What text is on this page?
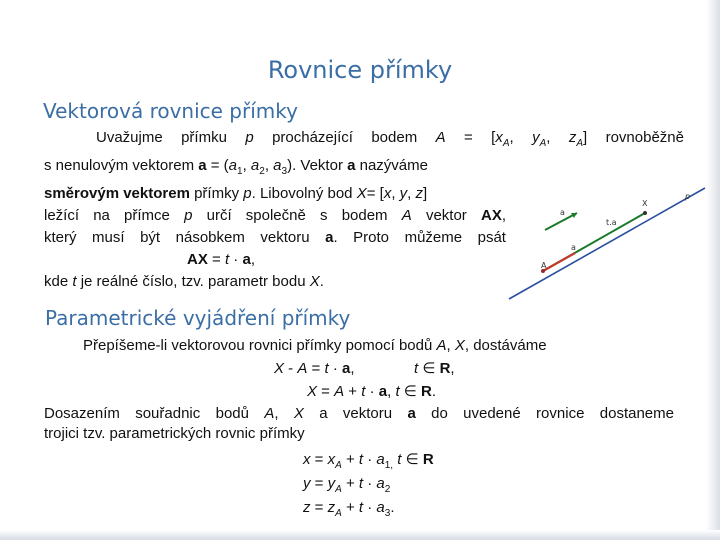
Rovnice přímky
Vektorová rovnice přímky
Uvažujme přímku p procházející bodem $A = [x_A$, $y_A$, $z_A$] rovnoběžně
s nenulovým vektorem $a = (a_1$, $a_2$, $a_3$). Vektor a nazýváme
směrovým vektorem přímky p. Libovolný bod X= [x, y, z]
ležící na přímce p určí společně s bodem A vektor AX,
který musí být násobkem vektoru a. Proto můžeme psát
AX = t · a,
kde t je reálné číslo, tzv. parametr bodu X.
p
X
t.a
a
a
A
Parametrické vyjádření přímky
Přepíšeme-li vektorovou rovnici přímky pomocí bodů A, X, dostáváme
X - A = t · a,	t ∈ R,
X = A + t · a, t ∈ R.
Dosazením souřadnic bodů A, X a vektoru a do uvedené rovnice dostaneme
trojici tzv. parametrických rovnic přímky
$x = x_A + t \cdot a_{1,}$ t ∈ R
$y = y_A + t \cdot a_2$
$z = z_A + t \cdot a_3$.
